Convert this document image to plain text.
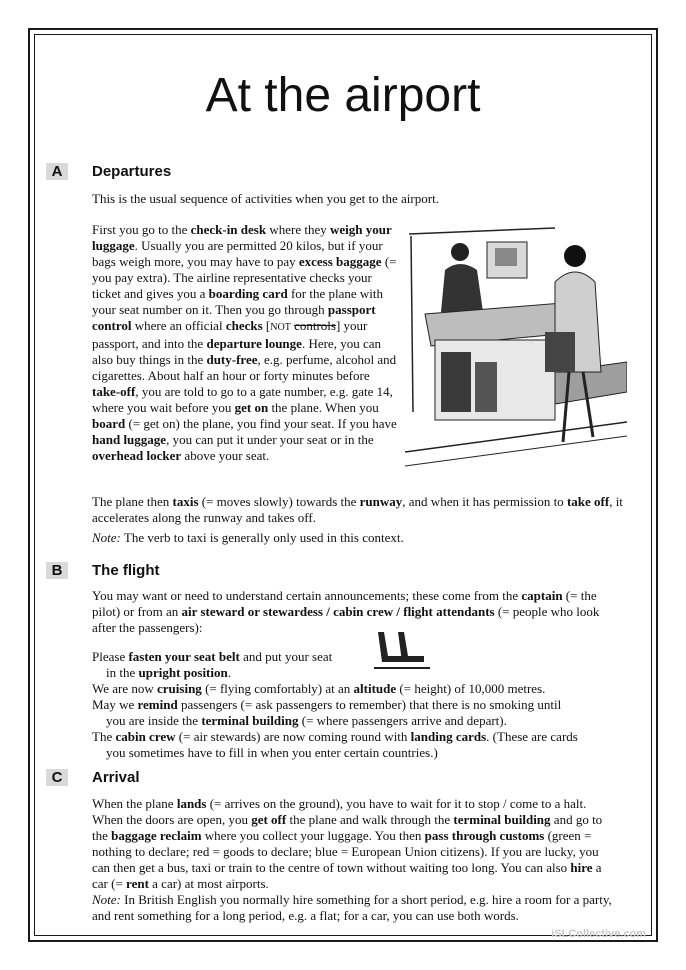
At the airport
A Departures

This is the usual sequence of activities when you get to the airport.

First you go to the check-in desk where they weigh your luggage. Usually you are permitted 20 kilos, but if your bags weigh more, you may have to pay excess baggage (= you pay extra). The airline representative checks your ticket and gives you a boarding card for the plane with your seat number on it. Then you go through passport control where an official checks [NOT controls] your passport, and into the departure lounge. Here, you can also buy things in the duty-free, e.g. perfume, alcohol and cigarettes. About half an hour or forty minutes before take-off, you are told to go to a gate number, e.g. gate 14, where you wait before you get on the plane. When you board (= get on) the plane, you find your seat. If you have hand luggage, you can put it under your seat or in the overhead locker above your seat.

The plane then taxis (= moves slowly) towards the runway, and when it has permission to take off, it accelerates along the runway and takes off.

Note: The verb to taxi is generally only used in this context.

B The flight

You may want or need to understand certain announcements; these come from the captain (= the pilot) or from an air steward or stewardess / cabin crew / flight attendants (= people who look after the passengers):

Please fasten your seat belt and put your seat
in the upright position.

We are now cruising (= flying comfortably) at an altitude (= height) of 10,000 metres.

May we remind passengers (= ask passengers to remember) that there is no smoking until
you are inside the terminal building (= where passengers arrive and depart).

The cabin crew (= air stewards) are now coming round with landing cards. (These are cards
you sometimes have to fill in when you enter certain countries.)

C Arrival

When the plane lands (= arrives on the ground), you have to wait for it to stop / come to a halt. When the doors are open, you get off the plane and walk through the terminal building and go to the baggage reclaim where you collect your luggage. You then pass through customs (green = nothing to declare; red = goods to declare; blue = European Union citizens). If you are lucky, you can then get a bus, taxi or train to the centre of town without waiting too long. You can also hire a car (= rent a car) at most airports.

Note: In British English you normally hire something for a short period, e.g. hire a room for a party, and rent something for a long period, e.g. a flat; for a car, you can use both words.

iSLCollective.com
